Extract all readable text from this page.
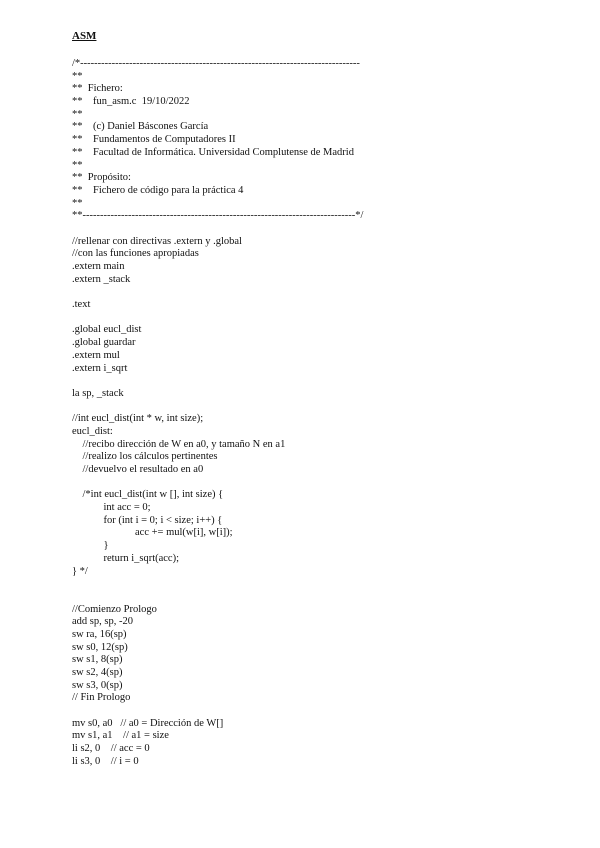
ASM
/*--------------------------------------------------------------------------------
**
**  Fichero:
**    fun_asm.c  19/10/2022
**
**    (c) Daniel Báscones García
**    Fundamentos de Computadores II
**    Facultad de Informática. Universidad Complutense de Madrid
**
**  Propósito:
**    Fichero de código para la práctica 4
**
**------------------------------------------------------------------------------*/
//rellenar con directivas .extern y .global
//con las funciones apropiadas
.extern main
.extern _stack
.text
.global eucl_dist
.global guardar
.extern mul
.extern i_sqrt
la sp, _stack
//int eucl_dist(int * w, int size);
eucl_dist:
//recibo dirección de W en a0, y tamaño N en a1
//realizo los cálculos pertinentes
//devuelvo el resultado en a0
/*int eucl_dist(int w [], int size) {
int acc = 0;
for (int i = 0; i < size; i++) {
acc += mul(w[i], w[i]);
}
return i_sqrt(acc);
} */
//Comienzo Prologo
add sp, sp, -20
sw ra, 16(sp)
sw s0, 12(sp)
sw s1, 8(sp)
sw s2, 4(sp)
sw s3, 0(sp)
// Fin Prologo
mv s0, a0   // a0 = Dirección de W[]
mv s1, a1    // a1 = size
li s2, 0    // acc = 0
li s3, 0    // i = 0
